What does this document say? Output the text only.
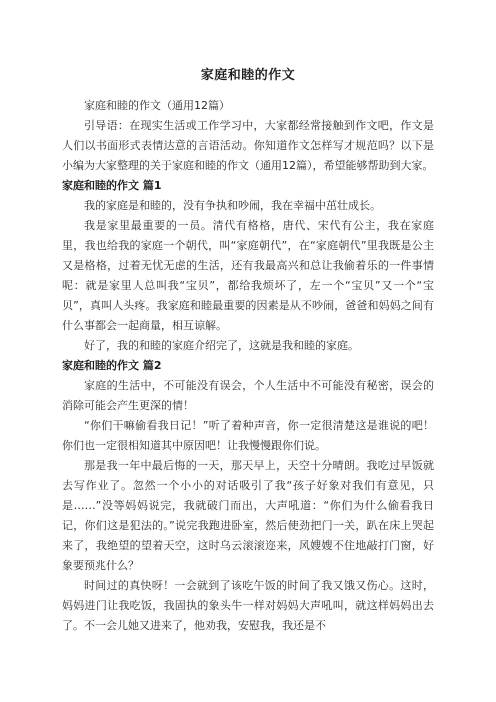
家庭和睦的作文

家庭和睦的作文（通用12篇）

引导语：在现实生活或工作学习中，大家都经常接触到作文吧，作文是人们以书面形式表情达意的言语活动。你知道作文怎样写才规范吗？以下是小编为大家整理的关于家庭和睦的作文（通用12篇），希望能够帮助到大家。

家庭和睦的作文 篇1

我的家庭是和睦的，没有争执和吵闹，我在幸福中茁壮成长。

我是家里最重要的一员。清代有格格，唐代、宋代有公主，我在家庭里，我也给我的家庭一个朝代，叫“家庭朝代”，在“家庭朝代”里我既是公主又是格格，过着无忧无虑的生活，还有我最高兴和总让我偷着乐的一件事情呢：就是家里人总叫我“宝贝”，都给我烦坏了，左一个“宝贝”又一个“宝贝”，真叫人头疼。我家庭和睦最重要的因素是从不吵闹，爸爸和妈妈之间有什么事都会一起商量，相互谅解。

好了，我的和睦的家庭介绍完了，这就是我和睦的家庭。

家庭和睦的作文 篇2

家庭的生活中，不可能没有误会，个人生活中不可能没有秘密，误会的消除可能会产生更深的情！

“你们干嘛偷看我日记！”听了着种声音，你一定很清楚这是谁说的吧！你们也一定很相知道其中原因吧！让我慢慢跟你们说。

那是我一年中最后悔的一天，那天早上，天空十分晴朗。我吃过早饭就去写作业了。忽然一个小小的对话吸引了我“孩子好象对我们有意见，只是……”没等妈妈说完，我就破门而出，大声吼道：“你们为什么偷看我日记，你们这是犯法的。”说完我跑进卧室，然后使劲把门一关，趴在床上哭起来了，我绝望的望着天空，这时乌云滚滚迩来，风嫂嫂不住地敲打门窗，好象要预兆什么？

时间过的真快呀！一会就到了该吃午饭的时间了我又饿又伤心。这时，妈妈进门让我吃饭，我固执的象头牛一样对妈妈大声吼叫，就这样妈妈出去了。不一会儿她又进来了，他劝我，安慰我，我还是不
